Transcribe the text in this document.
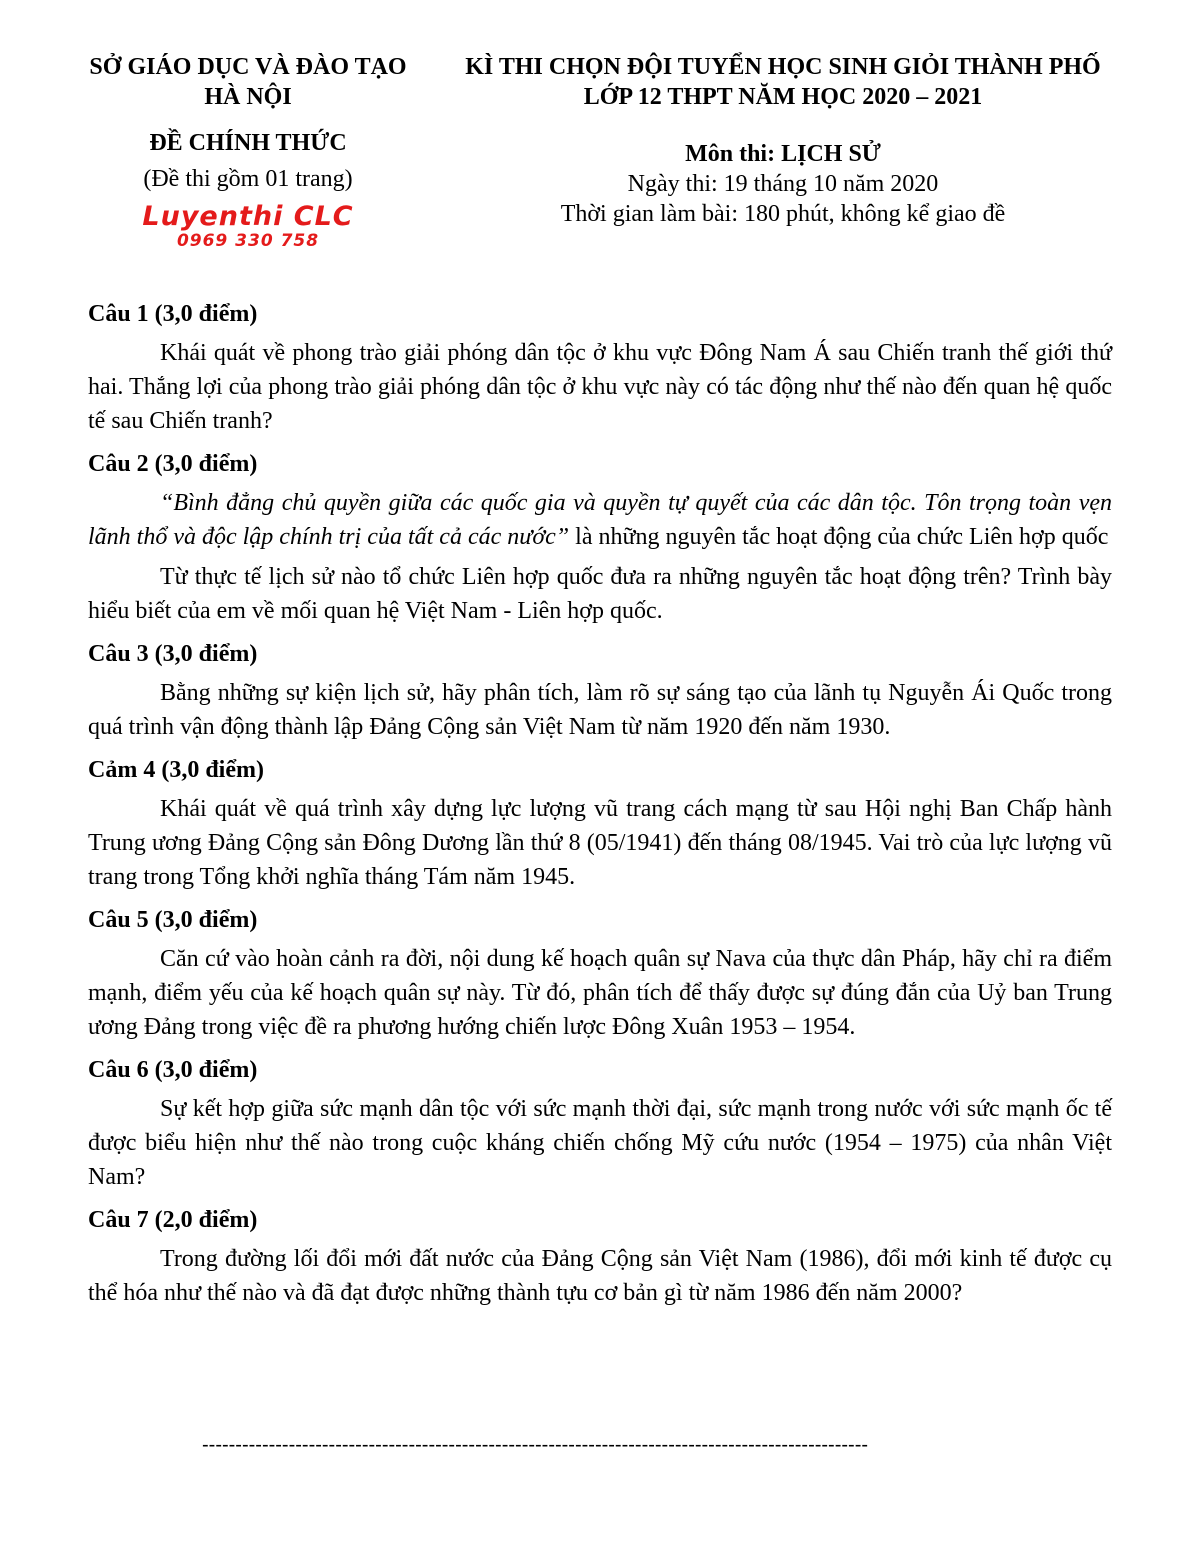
SỞ GIÁO DỤC VÀ ĐÀO TẠO
HÀ NỘI
ĐỀ CHÍNH THỨC
(Đề thi gồm 01 trang)
Luyenthi CLC
0969 330 758
KÌ THI CHỌN ĐỘI TUYỂN HỌC SINH GIỎI THÀNH PHỐ
LỚP 12 THPT NĂM HỌC 2020 – 2021
Môn thi: LỊCH SỬ
Ngày thi: 19 tháng 10 năm 2020
Thời gian làm bài: 180 phút, không kể giao đề
Câu 1 (3,0 điểm)
Khái quát về phong trào giải phóng dân tộc ở khu vực Đông Nam Á sau Chiến tranh thế giới thứ hai. Thắng lợi của phong trào giải phóng dân tộc ở khu vực này có tác động như thế nào đến quan hệ quốc tế sau Chiến tranh?
Câu 2 (3,0 điểm)
“Bình đẳng chủ quyền giữa các quốc gia và quyền tự quyết của các dân tộc. Tôn trọng toàn vẹn lãnh thổ và độc lập chính trị của tất cả các nước” là những nguyên tắc hoạt động của chức Liên hợp quốc
Từ thực tế lịch sử nào tổ chức Liên hợp quốc đưa ra những nguyên tắc hoạt động trên? Trình bày hiểu biết của em về mối quan hệ Việt Nam - Liên hợp quốc.
Câu 3 (3,0 điểm)
Bằng những sự kiện lịch sử, hãy phân tích, làm rõ sự sáng tạo của lãnh tụ Nguyễn Ái Quốc trong quá trình vận động thành lập Đảng Cộng sản Việt Nam từ năm 1920 đến năm 1930.
Cảm 4 (3,0 điểm)
Khái quát về quá trình xây dựng lực lượng vũ trang cách mạng từ sau Hội nghị Ban Chấp hành Trung ương Đảng Cộng sản Đông Dương lần thứ 8 (05/1941) đến tháng 08/1945. Vai trò của lực lượng vũ trang trong Tổng khởi nghĩa tháng Tám năm 1945.
Câu 5 (3,0 điểm)
Căn cứ vào hoàn cảnh ra đời, nội dung kế hoạch quân sự Nava của thực dân Pháp, hãy chỉ ra điểm mạnh, điểm yếu của kế hoạch quân sự này. Từ đó, phân tích để thấy được sự đúng đắn của Uỷ ban Trung ương Đảng trong việc đề ra phương hướng chiến lược Đông Xuân 1953 – 1954.
Câu 6 (3,0 điểm)
Sự kết hợp giữa sức mạnh dân tộc với sức mạnh thời đại, sức mạnh trong nước với sức mạnh ốc tế được biểu hiện như thế nào trong cuộc kháng chiến chống Mỹ cứu nước (1954 – 1975) của nhân Việt Nam?
Câu 7 (2,0 điểm)
Trong đường lối đổi mới đất nước của Đảng Cộng sản Việt Nam (1986), đổi mới kinh tế được cụ thể hóa như thế nào và đã đạt được những thành tựu cơ bản gì từ năm 1986 đến năm 2000?
----------------------------------------------------------------------------------------------------
